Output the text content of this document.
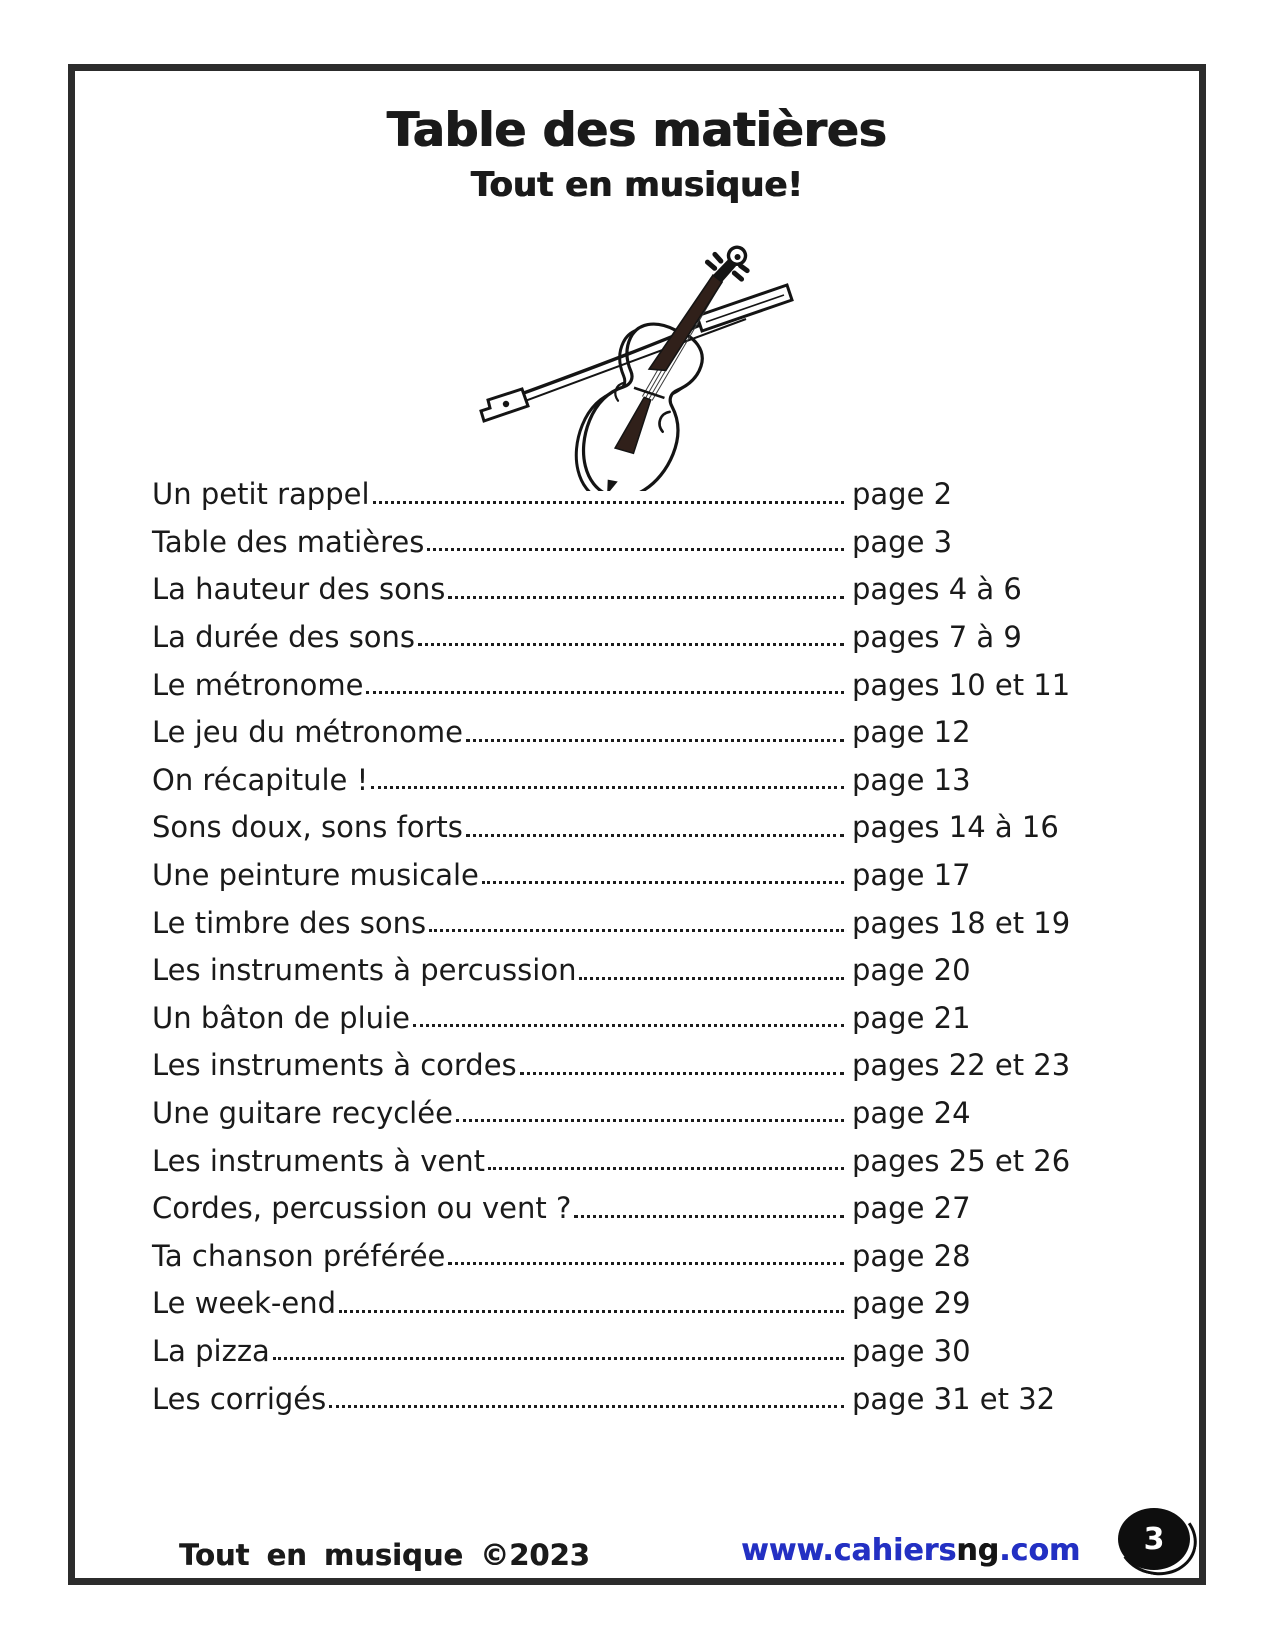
Table des matières
Tout en musique!
Un petit rappel	page 2
Table des matières	page 3
La hauteur des sons	pages 4 à 6
La durée des sons	pages 7 à 9
Le métronome	pages 10 et 11
Le jeu du métronome	page 12
On récapitule !	page 13
Sons doux, sons forts	pages 14 à 16
Une peinture musicale	page 17
Le timbre des sons	pages 18 et 19
Les instruments à percussion	page 20
Un bâton de pluie	page 21
Les instruments à cordes	pages 22 et 23
Une guitare recyclée	page 24
Les instruments à vent	pages 25 et 26
Cordes, percussion ou vent ?	page 27
Ta chanson préférée	page 28
Le week-end	page 29
La pizza	page 30
Les corrigés	page 31 et 32
Tout en musique ©2023	www.cahiersng.com 3
